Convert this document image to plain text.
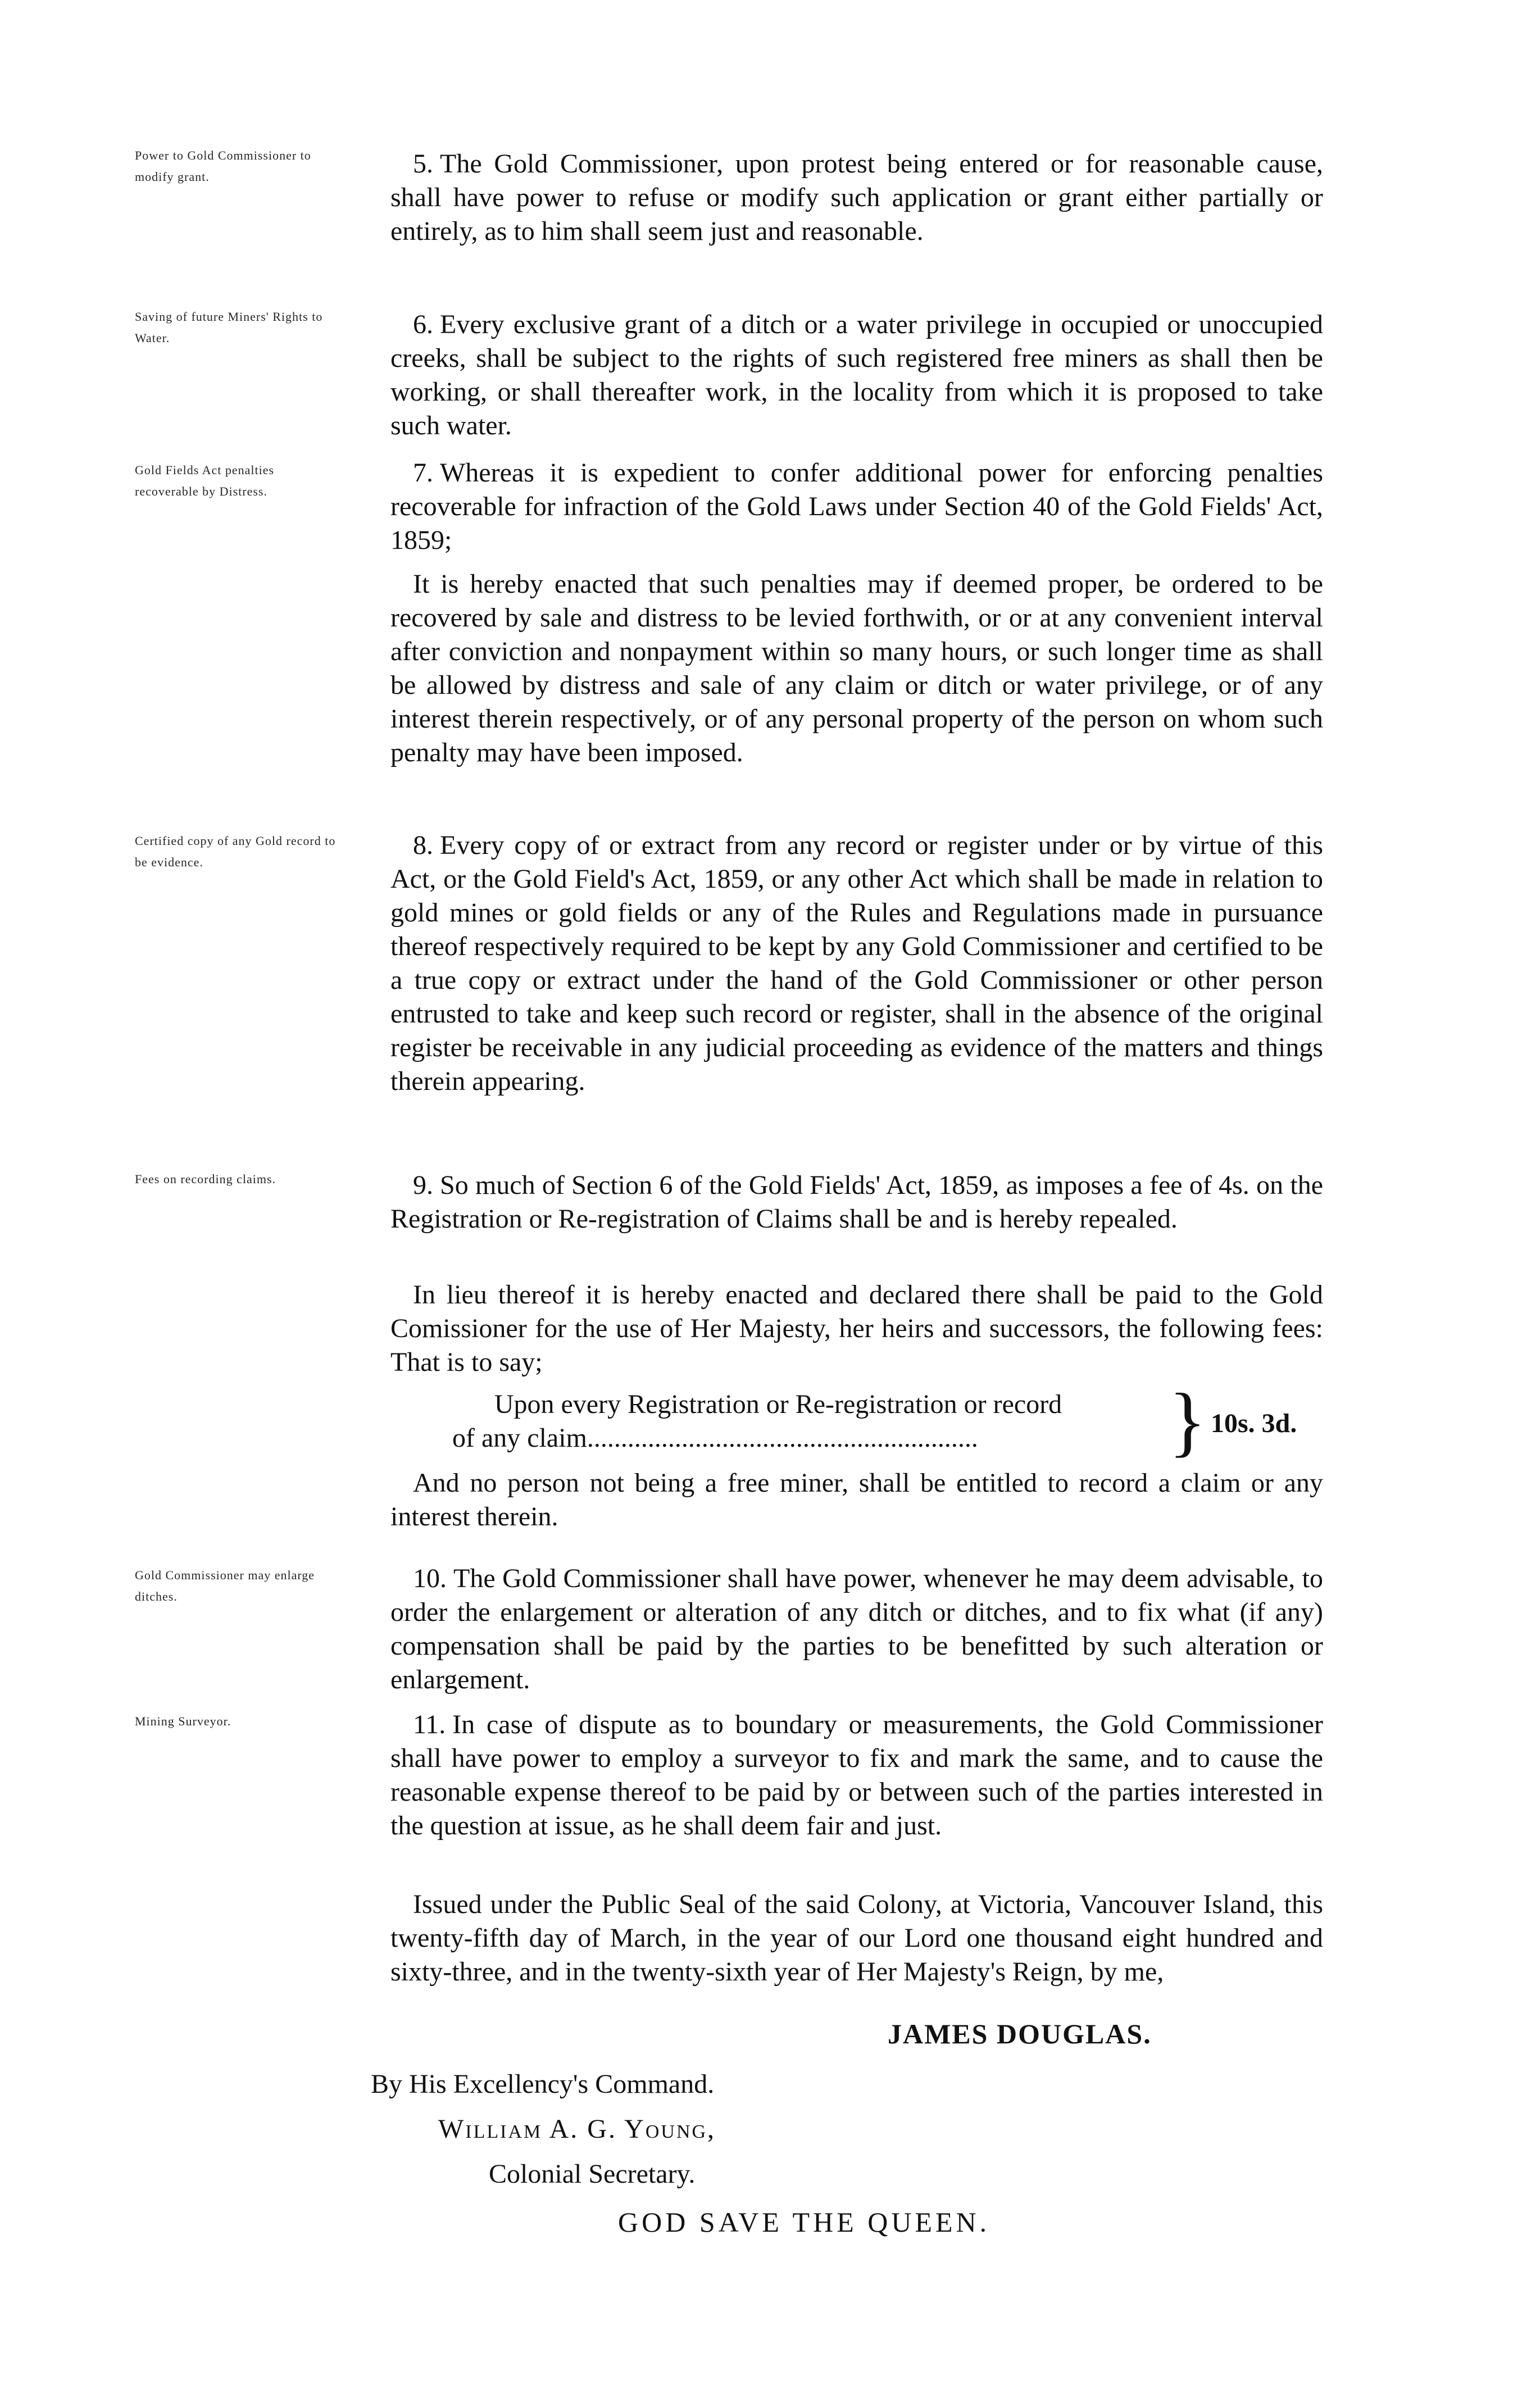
Power to Gold Commissioner to modify grant.

Saving of future Miners' Rights to Water.

Gold Fields Act penalties recoverable by Distress.

Certified copy of any Gold record to be evidence.

Fees on recording claims.

Gold Commissioner may enlarge ditches.

Mining Surveyor.

5. The Gold Commissioner, upon protest being entered or for reasonable cause, shall have power to refuse or modify such application or grant either partially or entirely, as to him shall seem just and reasonable.

6. Every exclusive grant of a ditch or a water privilege in occupied or unoccupied creeks, shall be subject to the rights of such registered free miners as shall then be working, or shall thereafter work, in the locality from which it is proposed to take such water.

7. Whereas it is expedient to confer additional power for enforcing penalties recoverable for infraction of the Gold Laws under Section 40 of the Gold Fields' Act, 1859;

It is hereby enacted that such penalties may if deemed proper, be ordered to be recovered by sale and distress to be levied forthwith, or or at any convenient interval after conviction and nonpayment within so many hours, or such longer time as shall be allowed by distress and sale of any claim or ditch or water privilege, or of any interest therein respectively, or of any personal property of the person on whom such penalty may have been imposed.

8. Every copy of or extract from any record or register under or by virtue of this Act, or the Gold Field's Act, 1859, or any other Act which shall be made in relation to gold mines or gold fields or any of the Rules and Regulations made in pursuance thereof respectively required to be kept by any Gold Commissioner and certified to be a true copy or extract under the hand of the Gold Commissioner or other person entrusted to take and keep such record or register, shall in the absence of the original register be receivable in any judicial proceeding as evidence of the matters and things therein appearing.

9. So much of Section 6 of the Gold Fields' Act, 1859, as imposes a fee of 4s. on the Registration or Re-registration of Claims shall be and is hereby repealed.

In lieu thereof it is hereby enacted and declared there shall be paid to the Gold Comissioner for the use of Her Majesty, her heirs and successors, the following fees: That is to say;

Upon every Registration or Re-registration or record
of any claim..........................................................	} 10s. 3d.

And no person not being a free miner, shall be entitled to record a claim or any interest therein.

10. The Gold Commissioner shall have power, whenever he may deem advisable, to order the enlargement or alteration of any ditch or ditches, and to fix what (if any) compensation shall be paid by the parties to be benefitted by such alteration or enlargement.

11. In case of dispute as to boundary or measurements, the Gold Commissioner shall have power to employ a surveyor to fix and mark the same, and to cause the reasonable expense thereof to be paid by or between such of the parties interested in the question at issue, as he shall deem fair and just.

Issued under the Public Seal of the said Colony, at Victoria, Vancouver Island, this twenty-fifth day of March, in the year of our Lord one thousand eight hundred and sixty-three, and in the twenty-sixth year of Her Majesty's Reign, by me,

JAMES DOUGLAS.

By His Excellency's Command.

William A. G. Young,

Colonial Secretary.

GOD SAVE THE QUEEN.
